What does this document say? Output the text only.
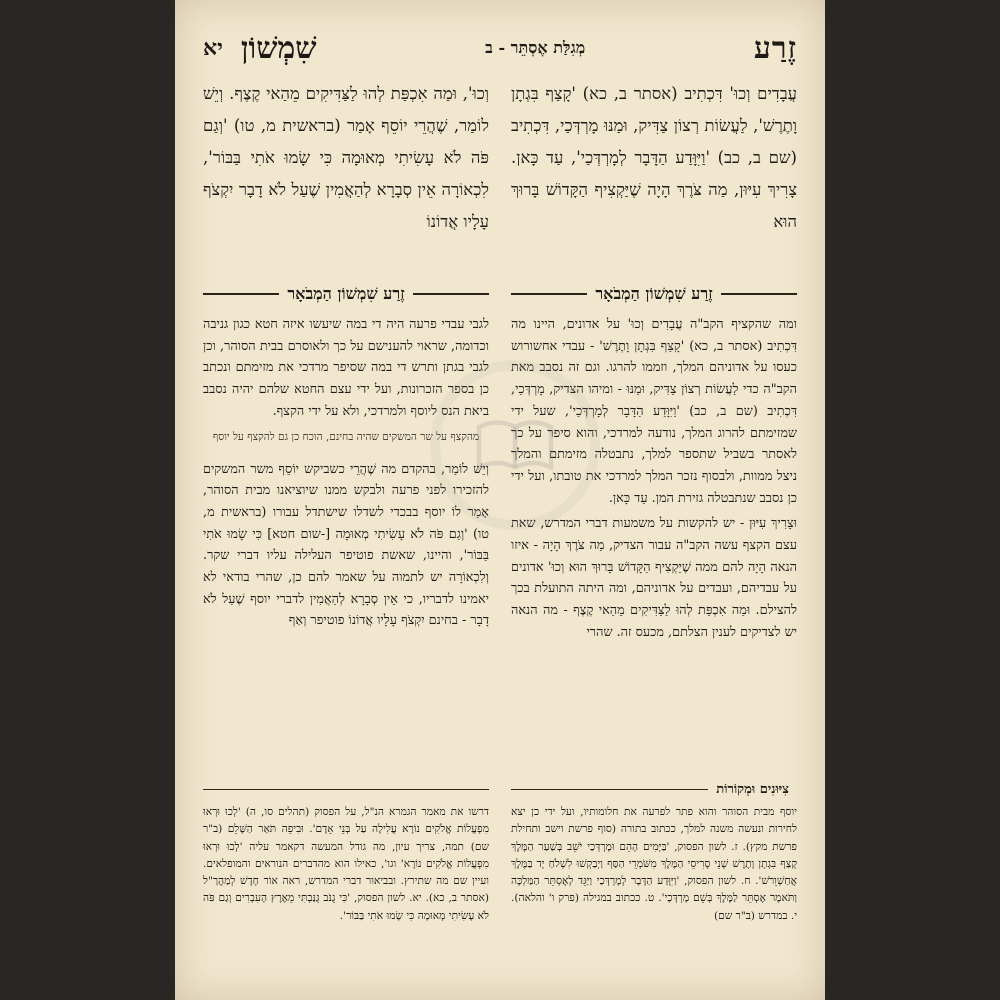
זֶרַע
מְגִלַּת אֶסְתֵּר - ב
שִׁמְשׁוֹן
יא
עֲבָדִים וְכוּ' דִּכְתִיב (אסתר ב, כא) 'קָצַף בִּגְתָן וָתֶרֶשׁ', לַעֲשׂוֹת רְצוֹן צַדִּיק, וּמַנּוּ מָרְדְּכַי, דִּכְתִיב (שם ב, כב) 'וַיִּוָּדַע הַדָּבָר לְמָרְדְּכַי', עַד כָּאן. צָרִיךְ עִיּוּן, מַה צֹּרֶךְ הָיָה שֶׁיַּקְצִיף הַקָּדוֹשׁ בָּרוּךְ הוּא
וְכוּ', וּמַה אִכְפַּת לְהוּ לַצַּדִּיקִים מֵהַאי קֶצֶף. וְיֵשׁ לוֹמַר, שֶׁהֲרֵי יוֹסֵף אָמַר (בראשית מ, טו) 'וְגַם פֹּה לֹא עָשִׂיתִי מְאוּמָה כִּי שָׂמוּ אֹתִי בַּבּוֹר', לִכְאוֹרָה אֵין סְבָרָא לְהַאֲמִין שֶׁעַל לֹא דָבָר יִקְצֹף עָלָיו אֲדוֹנוֹ
זֶרַע שִׁמְשׁוֹן הַמְבֹאָר
זֶרַע שִׁמְשׁוֹן הַמְבֹאָר

ומה שהקציף הקב"ה עֲבָדִים וְכוּ' על אדונים, היינו מה דִּכְתִיב (אסתר ב, כא) 'קָצַף בִּגְתָן וָתֶרֶשׁ' - עבדי אחשורוש כעסו על אדוניהם המלך, וזממו להרגו. וגם זה נסבב מאת הקב"ה כדי לַעֲשׂוֹת רְצוֹן צַדִּיק, וּמַנּוּ - ומיהו הצדיק, מָרְדְּכַי, דִּכְתִיב (שם ב, כב) 'וַיִּוָּדַע הַדָּבָר לְמָרְדְּכַי', שעל ידי שמזימתם להרוג המלך, נודעה למרדכי, והוא סיפר על כך לאסתר בשביל שתספר למלך, נתבטלה מזימתם והמלך ניצל ממוות, ולבסוף נזכר המלך למרדכי את טובתו, ועל ידי כן נסבב שנתבטלה גזירת המן. עַד כָּאן.

וּצָרִיךְ עִיּוּן - יש להקשות על משמעות דברי המדרש, שאת עצם הקצף עשה הקב"ה עבור הצדיק, מַה צֹּרֶךְ הָיָה - איזו הנאה הָיָה להם ממה שֶׁיַּקְצִיף הַקָּדוֹשׁ בָּרוּךְ הוּא וְכוּ' אדונים על עבדיהם, ועבדים על אדוניהם, ומה היתה התועלת בכך להצילם. וּמַה אִכְפַּת לְהוּ לַצַּדִּיקִים מֵהַאי קֶצֶף - מה הנאה יש לצדיקים לענין הצלתם, מכעס זה. שהרי

לגבי עבדי פרעה היה די במה שיעשו איזה חטא כגון גניבה וכדומה, שראוי להענישם על כך ולאוסרם בבית הסוהר, וכן לגבי בגתן ותרש די במה שסיפר מרדכי את מזימתם ונכתב כן בספר הזכרונות, ועל ידי עצם החטא שלהם יהיה נסבב ביאת הנס ליוסף ולמרדכי, ולא על ידי הקצף.

מהקצף על שר המשקים שהיה בחינם, הוכח כן גם להקצף על יוסף

וְיֵשׁ לוֹמַר, בהקדם מה שֶׁהֲרֵי כשביקש יוֹסֵף משר המשקים להזכירו לפני פרעה ולבקש ממנו שיוציאנו מבית הסוהר, אָמַר לוֹ יוסף בבכדי לשדלו שישתדל עבורו (בראשית מ, טו) 'וְגַם פֹּה לֹא עָשִׂיתִי מְאוּמָה [-שום חטא] כִּי שָׂמוּ אֹתִי בַּבּוֹר', והיינו, שאשת פוטיפר העלילה עליו דברי שקר. וְלִכְאוֹרָה יש לתמוה על שאמר להם כן, שהרי בודאי לא יאמינו לדבריו, כי אֵין סְבָרָא לְהַאֲמִין לדברי יוסף שֶׁעַל לֹא דָבָר - בחינם יִקְצֹף עָלָיו אֲדוֹנוֹ פוטיפר וְאַף

צִיּוּנִים וּמְקוֹרוֹת
יוסף מבית הסוהר והוא פתר לפרעה את חלומותיו, ועל ידי כן יצא לחירות ונעשה משנה למלך, ככתוב בתורה (סוף פרשת וישב ותחילת פרשת מקץ). ז. לשון הפסוק, 'בַּיָּמִים הָהֵם וּמָרְדְּכַי יֹשֵׁב בְּשַׁעַר הַמֶּלֶךְ קָצַף בִּגְתָן וָתֶרֶשׁ שְׁנֵי סָרִיסֵי הַמֶּלֶךְ מִשֹּׁמְרֵי הַסַּף וַיְבַקְשׁוּ לִשְׁלֹחַ יָד בַּמֶּלֶךְ אֲחַשְׁוֵרֹשׁ'. ח. לשון הפסוק, 'וַיִּוָּדַע הַדָּבָר לְמָרְדְּכַי וַיַּגֵּד לְאֶסְתֵּר הַמַּלְכָּה וַתֹּאמֶר אֶסְתֵּר לַמֶּלֶךְ בְּשֵׁם מָרְדְּכָי'. ט. ככתוב במגילה (פרק ו' והלאה). י. במדרש (ב"ר שם)
דרשו את מאמר הגמרא הנ"ל, על הפסוק (תהלים סו, ה) 'לְכוּ וּרְאוּ מִפְעֲלוֹת אֱלֹקִים נוֹרָא עֲלִילָה עַל בְּנֵי אָדָם'. וּבִיפֵה תֹּאַר הַשָּׁלֵם (ב"ר שם) תמה, צריך עיון, מה גודל המעשה דקאמר עליה 'לְכוּ וּרְאוּ מִפְעֲלוֹת אֱלֹקִים נוֹרָא' וגו', כאילו הוא מהדברים הנוראים והמופלאים. ועיין שם מה שתירץ. ובביאור דברי המדרש, ראה אוֹר חָדָשׁ לְמַהֲרַ"ל (אסתר ב, כא). יא. לשון הפסוק, 'כִּי גֻנֹּב גֻּנַּבְתִּי מֵאֶרֶץ הָעִבְרִים וְגַם פֹּה לֹא עָשִׂיתִי מְאוּמָה כִּי שָׂמוּ אֹתִי בַּבּוֹר'.
